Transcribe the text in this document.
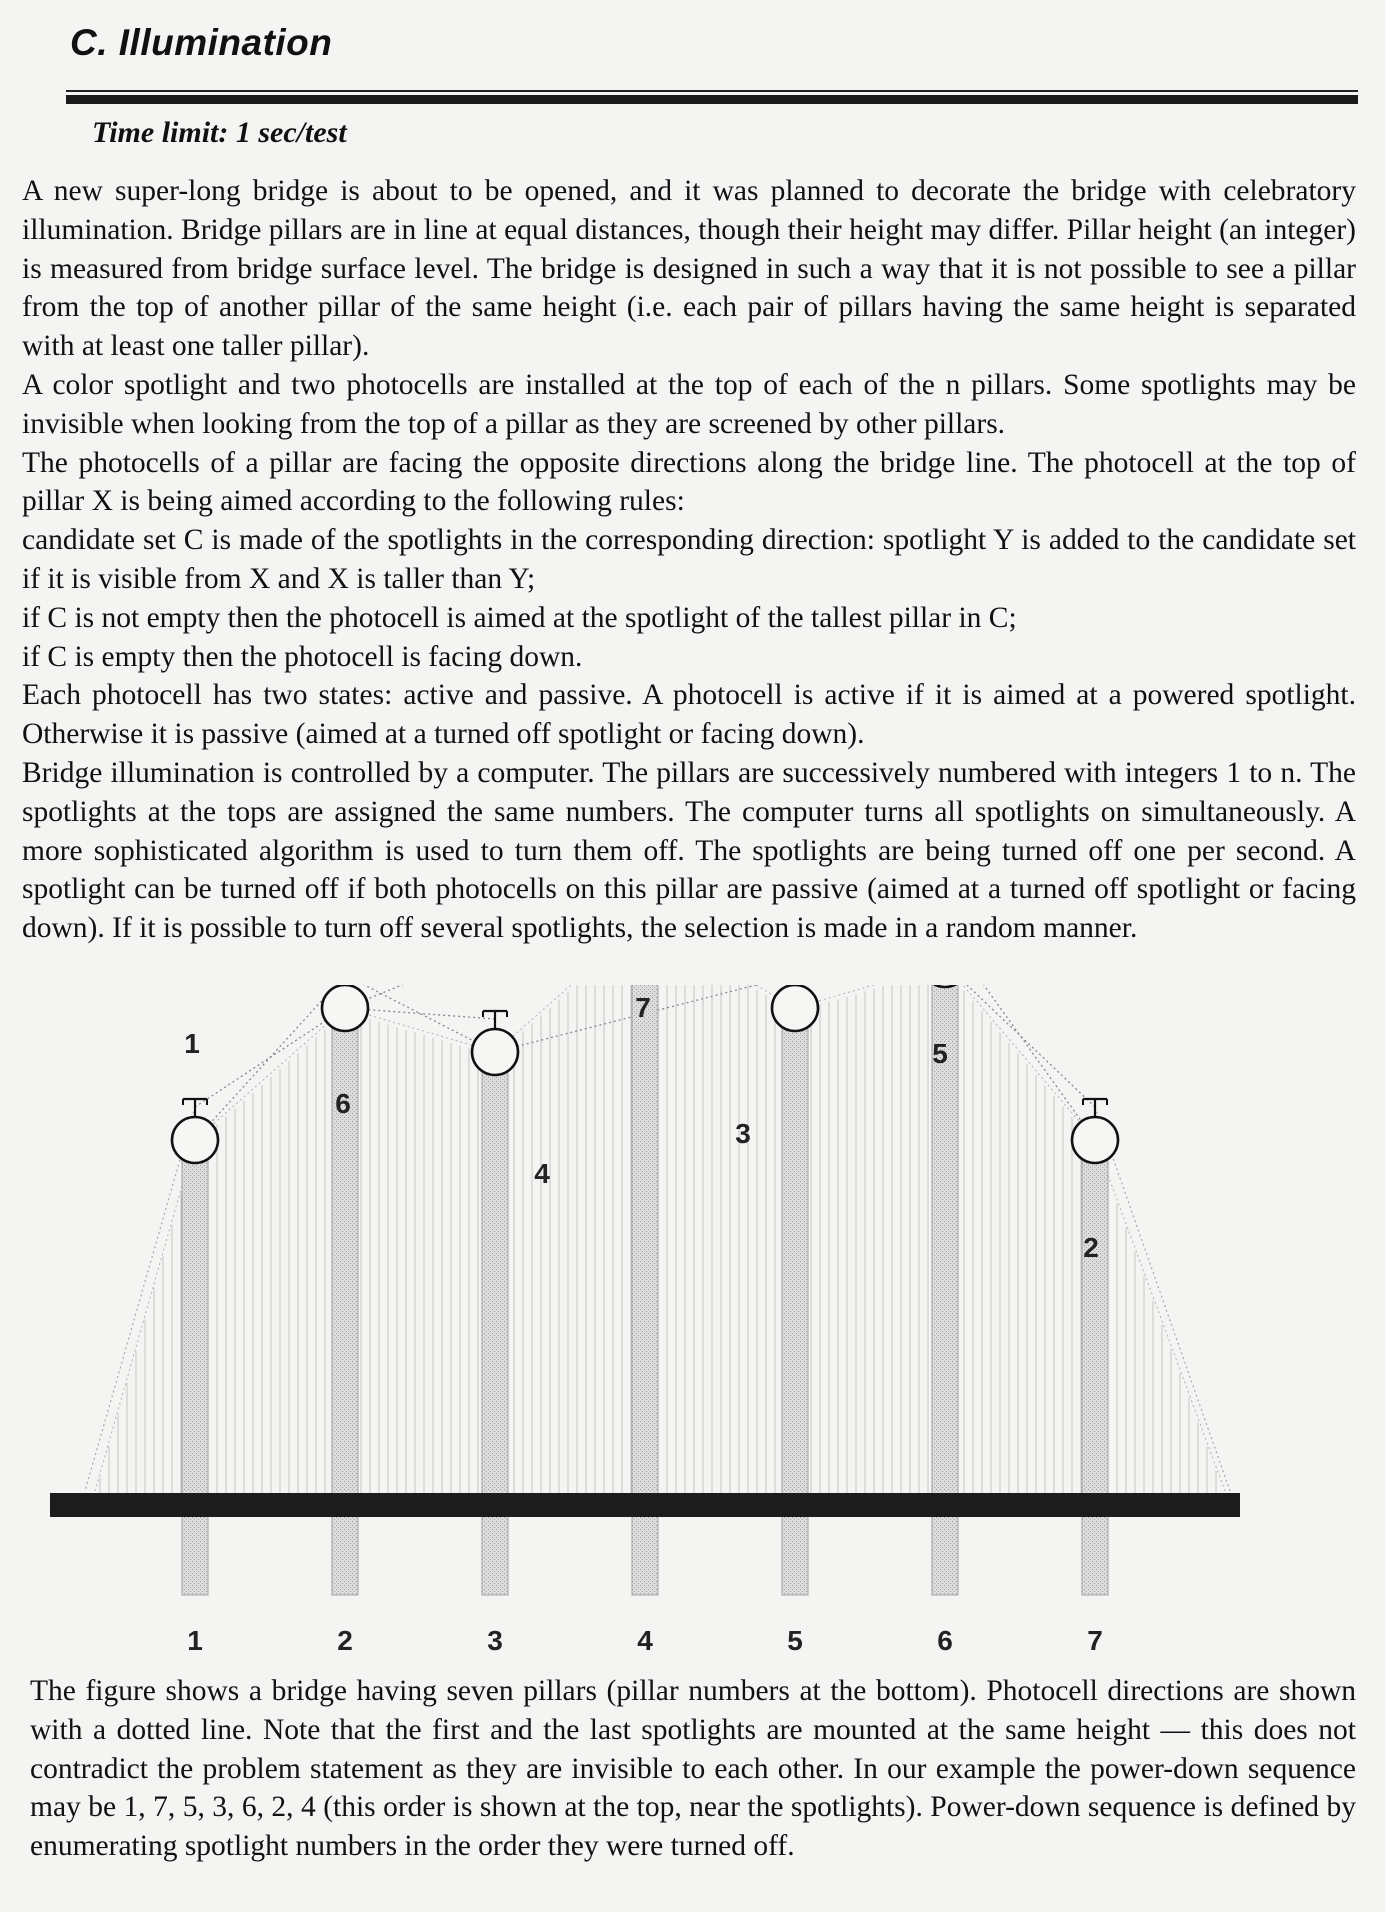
C. Illumination
Time limit: 1 sec/test

A new super-long bridge is about to be opened, and it was planned to decorate the bridge with celebratory illumination. Bridge pillars are in line at equal distances, though their height may differ. Pillar height (an integer) is measured from bridge surface level. The bridge is designed in such a way that it is not possible to see a pillar from the top of another pillar of the same height (i.e. each pair of pillars having the same height is separated with at least one taller pillar).

A color spotlight and two photocells are installed at the top of each of the n pillars. Some spotlights may be invisible when looking from the top of a pillar as they are screened by other pillars.

The photocells of a pillar are facing the opposite directions along the bridge line. The photocell at the top of pillar X is being aimed according to the following rules:

candidate set C is made of the spotlights in the corresponding direction: spotlight Y is added to the candidate set if it is visible from X and X is taller than Y;

if C is not empty then the photocell is aimed at the spotlight of the tallest pillar in C;

if C is empty then the photocell is facing down.

Each photocell has two states: active and passive. A photocell is active if it is aimed at a powered spotlight. Otherwise it is passive (aimed at a turned off spotlight or facing down).

Bridge illumination is controlled by a computer. The pillars are successively numbered with integers 1 to n. The spotlights at the tops are assigned the same numbers. The computer turns all spotlights on simultaneously. A more sophisticated algorithm is used to turn them off. The spotlights are being turned off one per second. A spotlight can be turned off if both photocells on this pillar are passive (aimed at a turned off spotlight or facing down). If it is possible to turn off several spotlights, the selection is made in a random manner.

1
6
4
7
3
5
2
1	2	3	4	5	6	7

The figure shows a bridge having seven pillars (pillar numbers at the bottom). Photocell directions are shown with a dotted line. Note that the first and the last spotlights are mounted at the same height — this does not contradict the problem statement as they are invisible to each other. In our example the power-down sequence may be 1, 7, 5, 3, 6, 2, 4 (this order is shown at the top, near the spotlights). Power-down sequence is defined by enumerating spotlight numbers in the order they were turned off.
